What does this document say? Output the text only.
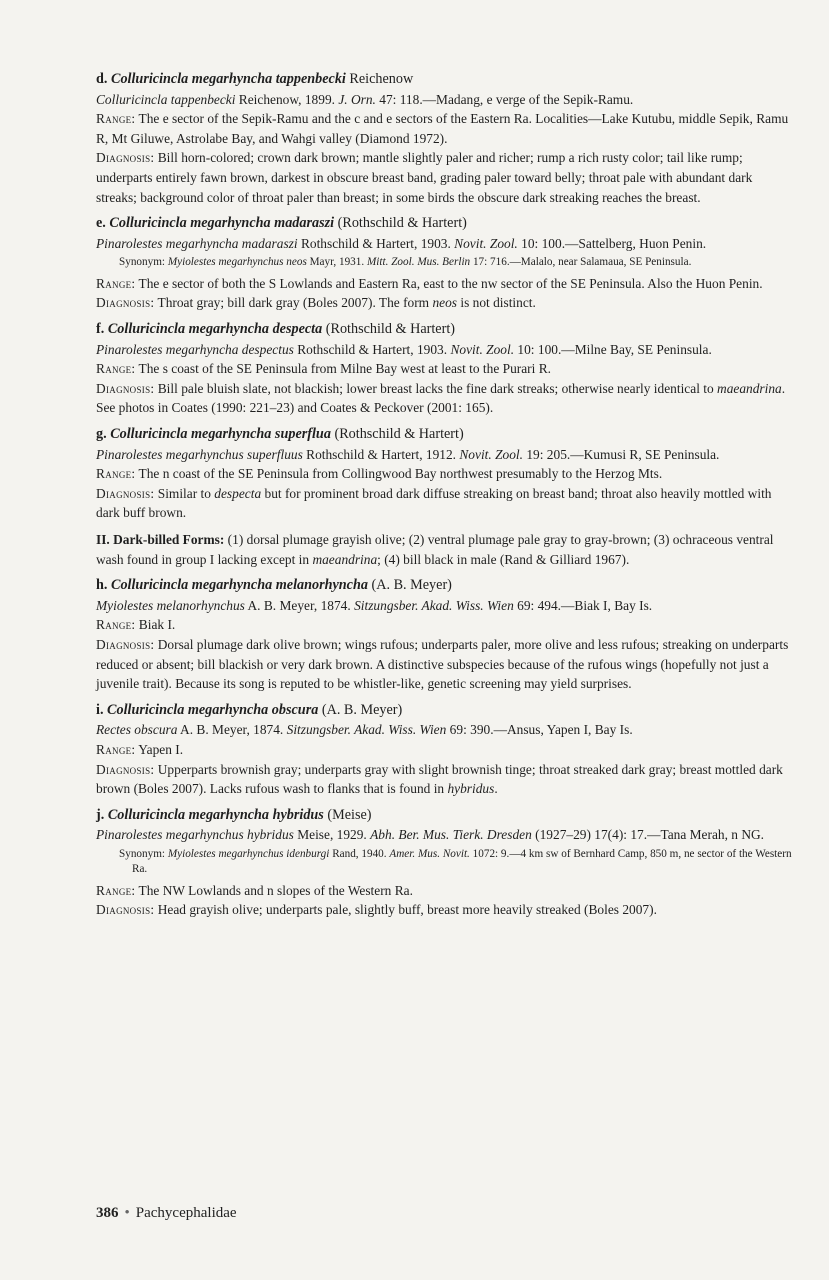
d. Colluricincla megarhyncha tappenbecki Reichenow
Colluricincla tappenbecki Reichenow, 1899. J. Orn. 47: 118.—Madang, e verge of the Sepik-Ramu.
Range: The e sector of the Sepik-Ramu and the c and e sectors of the Eastern Ra. Localities—Lake Kutubu, middle Sepik, Ramu R, Mt Giluwe, Astrolabe Bay, and Wahgi valley (Diamond 1972).
Diagnosis: Bill horn-colored; crown dark brown; mantle slightly paler and richer; rump a rich rusty color; tail like rump; underparts entirely fawn brown, darkest in obscure breast band, grading paler toward belly; throat pale with abundant dark streaks; background color of throat paler than breast; in some birds the obscure dark streaking reaches the breast.
e. Colluricincla megarhyncha madaraszi (Rothschild & Hartert)
Pinarolestes megarhyncha madaraszi Rothschild & Hartert, 1903. Novit. Zool. 10: 100.—Sattelberg, Huon Penin.
Synonym: Myiolestes megarhynchus neos Mayr, 1931. Mitt. Zool. Mus. Berlin 17: 716.—Malalo, near Salamaua, SE Peninsula.
Range: The e sector of both the S Lowlands and Eastern Ra, east to the nw sector of the SE Peninsula. Also the Huon Penin.
Diagnosis: Throat gray; bill dark gray (Boles 2007). The form neos is not distinct.
f. Colluricincla megarhyncha despecta (Rothschild & Hartert)
Pinarolestes megarhyncha despectus Rothschild & Hartert, 1903. Novit. Zool. 10: 100.—Milne Bay, SE Peninsula.
Range: The s coast of the SE Peninsula from Milne Bay west at least to the Purari R.
Diagnosis: Bill pale bluish slate, not blackish; lower breast lacks the fine dark streaks; otherwise nearly identical to maeandrina. See photos in Coates (1990: 221–23) and Coates & Peckover (2001: 165).
g. Colluricincla megarhyncha superflua (Rothschild & Hartert)
Pinarolestes megarhynchus superfluus Rothschild & Hartert, 1912. Novit. Zool. 19: 205.—Kumusi R, SE Peninsula.
Range: The n coast of the SE Peninsula from Collingwood Bay northwest presumably to the Herzog Mts.
Diagnosis: Similar to despecta but for prominent broad dark diffuse streaking on breast band; throat also heavily mottled with dark buff brown.
II. Dark-billed Forms: (1) dorsal plumage grayish olive; (2) ventral plumage pale gray to gray-brown; (3) ochraceous ventral wash found in group I lacking except in maeandrina; (4) bill black in male (Rand & Gilliard 1967).
h. Colluricincla megarhyncha melanorhyncha (A. B. Meyer)
Myiolestes melanorhynchus A. B. Meyer, 1874. Sitzungsber. Akad. Wiss. Wien 69: 494.—Biak I, Bay Is.
Range: Biak I.
Diagnosis: Dorsal plumage dark olive brown; wings rufous; underparts paler, more olive and less rufous; streaking on underparts reduced or absent; bill blackish or very dark brown. A distinctive subspecies because of the rufous wings (hopefully not just a juvenile trait). Because its song is reputed to be whistler-like, genetic screening may yield surprises.
i. Colluricincla megarhyncha obscura (A. B. Meyer)
Rectes obscura A. B. Meyer, 1874. Sitzungsber. Akad. Wiss. Wien 69: 390.—Ansus, Yapen I, Bay Is.
Range: Yapen I.
Diagnosis: Upperparts brownish gray; underparts gray with slight brownish tinge; throat streaked dark gray; breast mottled dark brown (Boles 2007). Lacks rufous wash to flanks that is found in hybridus.
j. Colluricincla megarhyncha hybridus (Meise)
Pinarolestes megarhynchus hybridus Meise, 1929. Abh. Ber. Mus. Tierk. Dresden (1927–29) 17(4): 17.—Tana Merah, n NG.
Synonym: Myiolestes megarhynchus idenburgi Rand, 1940. Amer. Mus. Novit. 1072: 9.—4 km sw of Bernhard Camp, 850 m, ne sector of the Western Ra.
Range: The NW Lowlands and n slopes of the Western Ra.
Diagnosis: Head grayish olive; underparts pale, slightly buff, breast more heavily streaked (Boles 2007).
386 • Pachycephalidae
